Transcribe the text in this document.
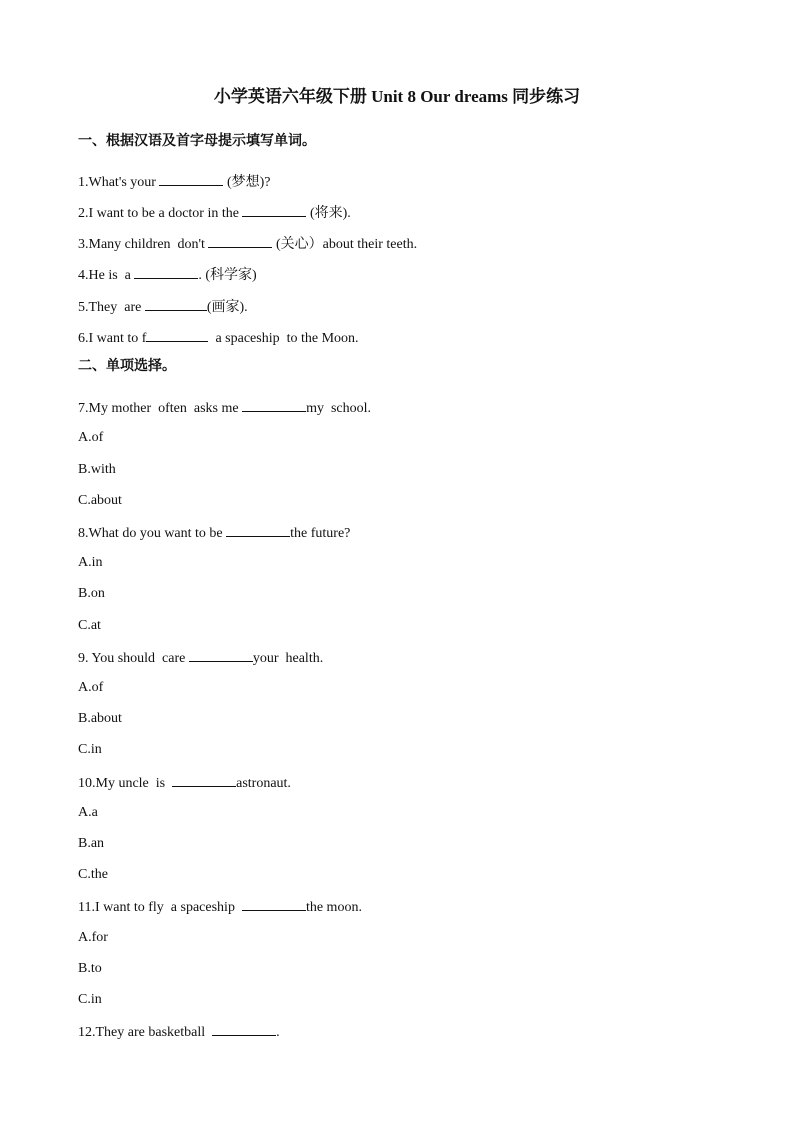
小学英语六年级下册 Unit 8 Our dreams 同步练习
一、根据汉语及首字母提示填写单词。
1.What's your	(梦想)?
2.I want to be a doctor in the	(将来).
3.Many children  don't	(关心）about their teeth.
4.He is  a	. (科学家)
5.They  are	(画家).
6.I want to f	a spaceship  to the Moon.
二、单项选择。
7.My mother  often  asks me	my  school.
A.of
B.with
C.about
8.What do you want to be	the future?
A.in
B.on
C.at
9. You should  care	your  health.
A.of
B.about
C.in
10.My uncle  is	astronaut.
A.a
B.an
C.the
11.I want to fly  a spaceship	the moon.
A.for
B.to
C.in
12.They are basketball	.
